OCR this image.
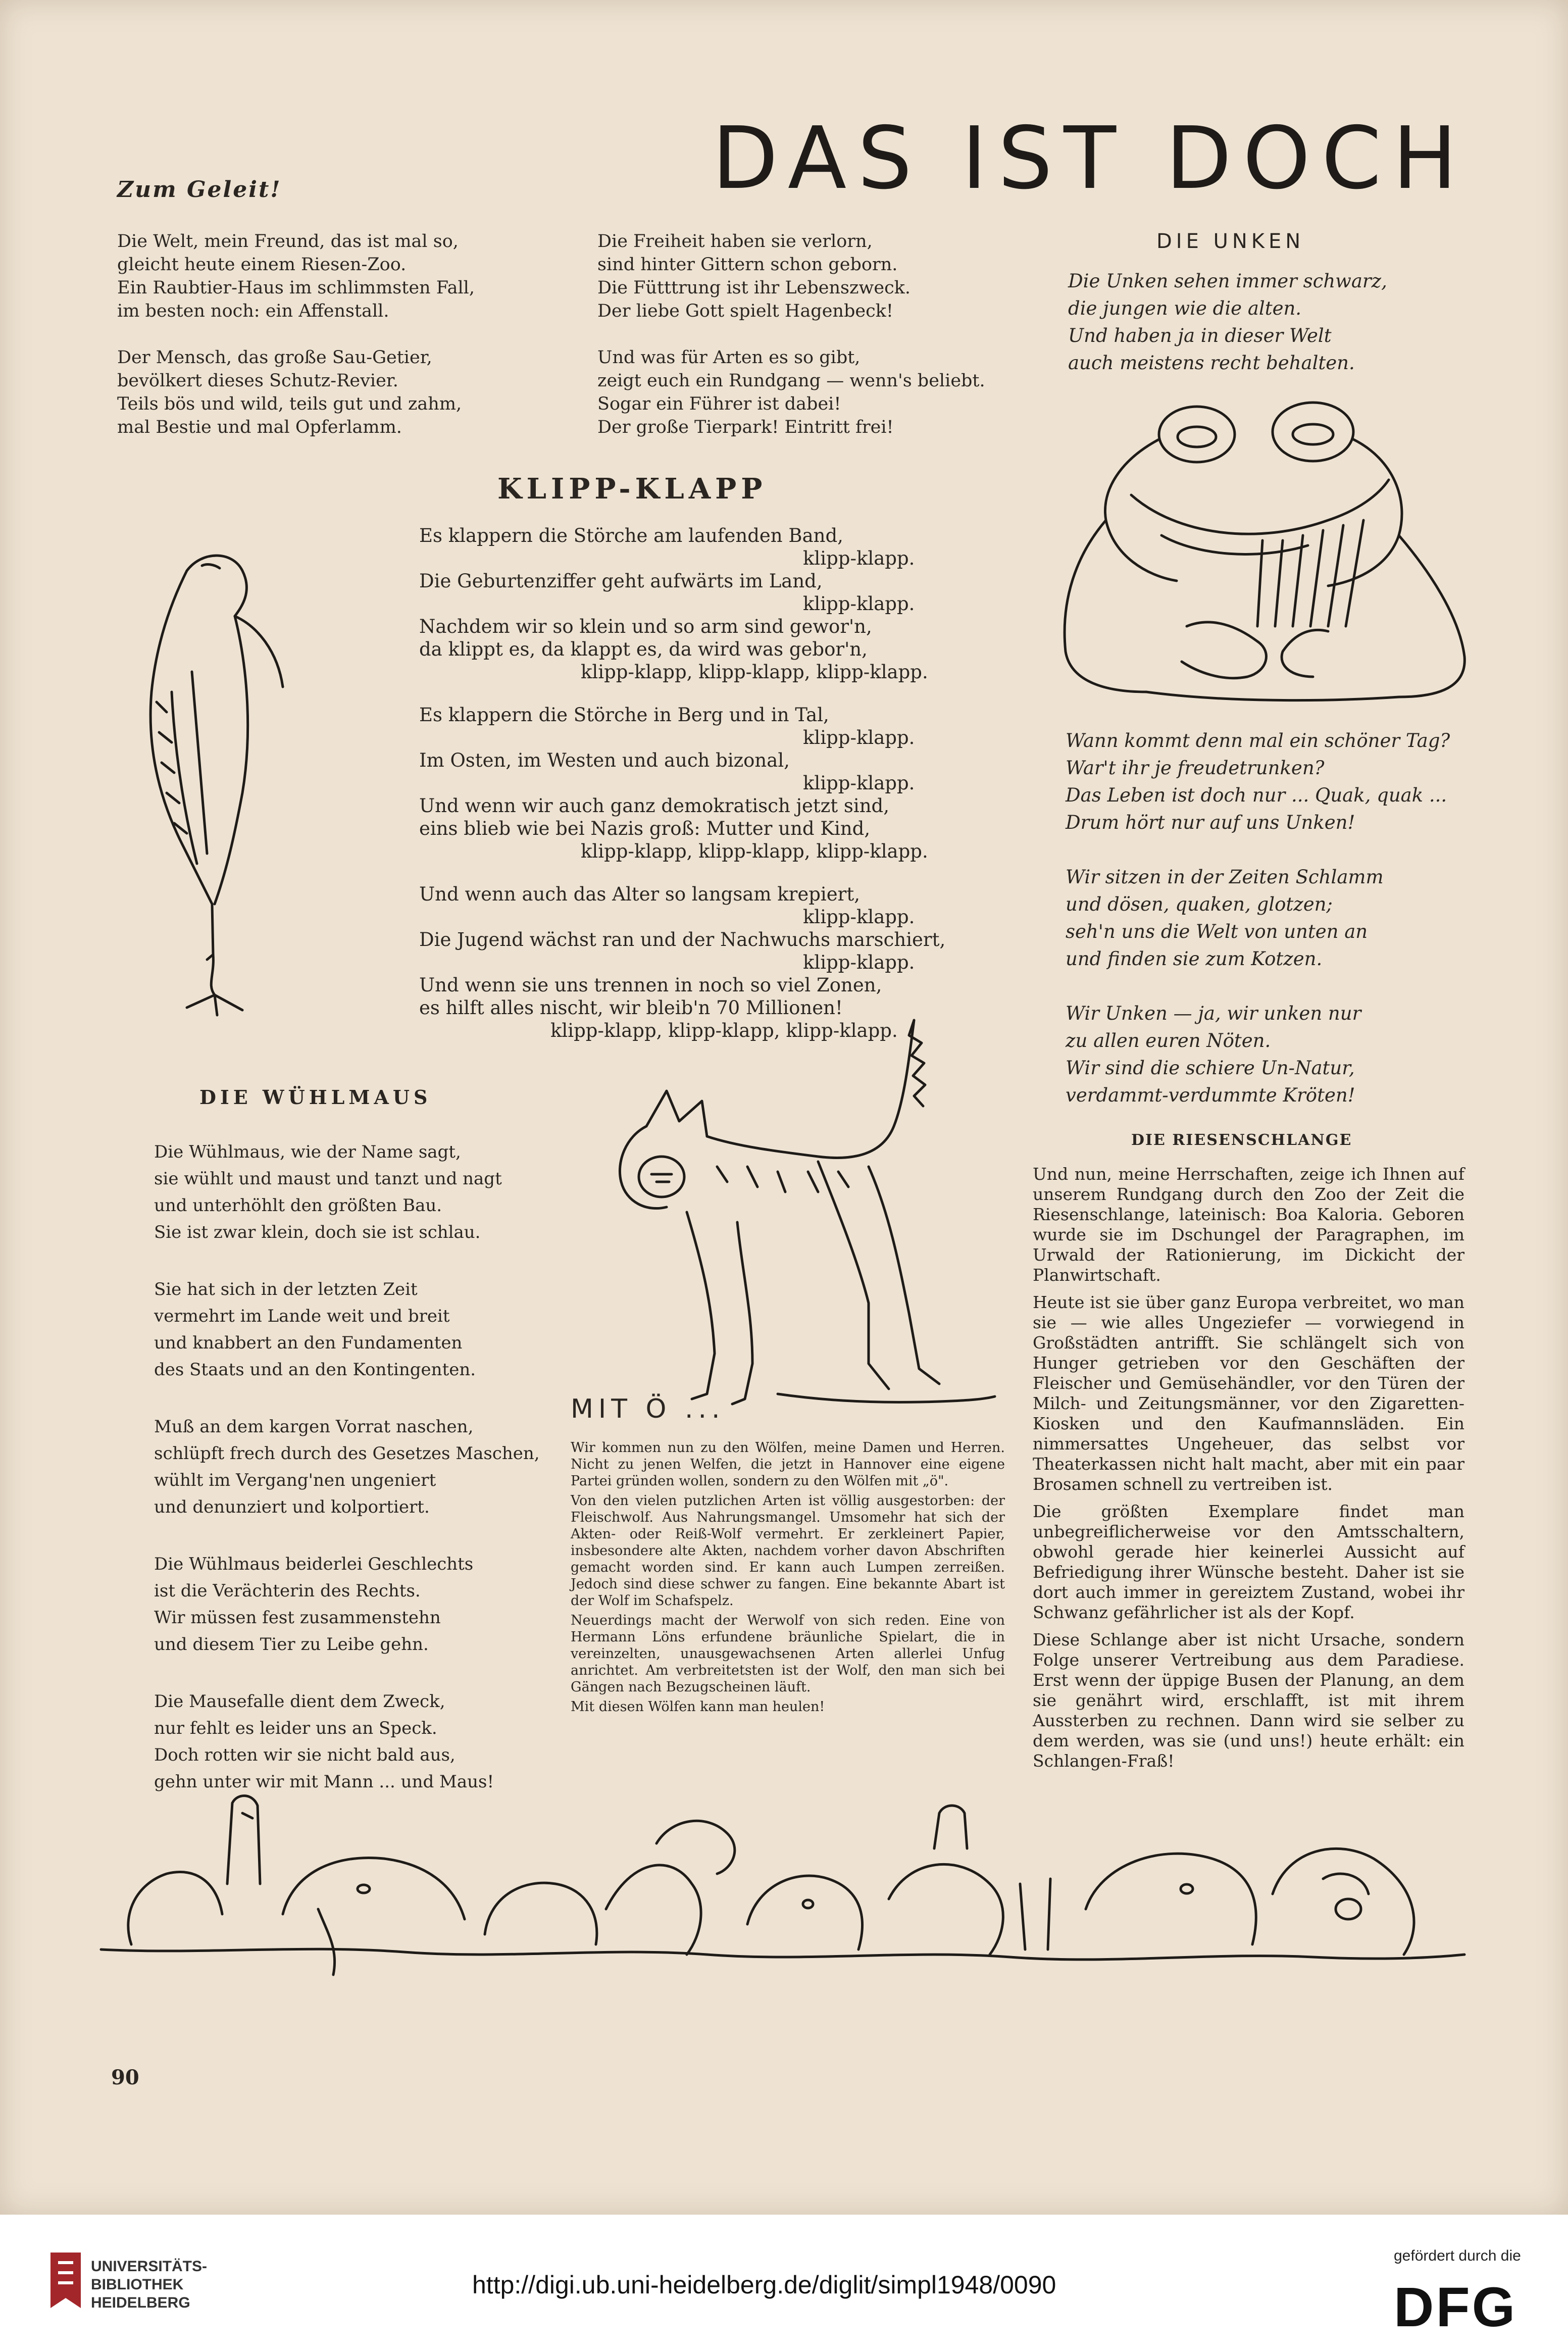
DAS IST DOCH
Zum Geleit!
Die Welt, mein Freund, das ist mal so,
gleicht heute einem Riesen-Zoo.
Ein Raubtier-Haus im schlimmsten Fall,
im besten noch: ein Affenstall.
Der Mensch, das große Sau-Getier,
bevölkert dieses Schutz-Revier.
Teils bös und wild, teils gut und zahm,
mal Bestie und mal Opferlamm.
Die Freiheit haben sie verlorn,
sind hinter Gittern schon geborn.
Die Fütttrung ist ihr Lebenszweck.
Der liebe Gott spielt Hagenbeck!
Und was für Arten es so gibt,
zeigt euch ein Rundgang — wenn's beliebt.
Sogar ein Führer ist dabei!
Der große Tierpark! Eintritt frei!
KLIPP-KLAPP
Es klappern die Störche am laufenden Band,
klipp-klapp.
Die Geburtenziffer geht aufwärts im Land,
klipp-klapp.
Nachdem wir so klein und so arm sind gewor'n,
da klippt es, da klappt es, da wird was gebor'n,
klipp-klapp, klipp-klapp, klipp-klapp.
Es klappern die Störche in Berg und in Tal,
klipp-klapp.
Im Osten, im Westen und auch bizonal,
klipp-klapp.
Und wenn wir auch ganz demokratisch jetzt sind,
eins blieb wie bei Nazis groß: Mutter und Kind,
klipp-klapp, klipp-klapp, klipp-klapp.
Und wenn auch das Alter so langsam krepiert,
klipp-klapp.
Die Jugend wächst ran und der Nachwuchs marschiert,
klipp-klapp.
Und wenn sie uns trennen in noch so viel Zonen,
es hilft alles nischt, wir bleib'n 70 Millionen!
klipp-klapp, klipp-klapp, klipp-klapp.
DIE WÜHLMAUS
Die Wühlmaus, wie der Name sagt,
sie wühlt und maust und tanzt und nagt
und unterhöhlt den größten Bau.
Sie ist zwar klein, doch sie ist schlau.
Sie hat sich in der letzten Zeit
vermehrt im Lande weit und breit
und knabbert an den Fundamenten
des Staats und an den Kontingenten.
Muß an dem kargen Vorrat naschen,
schlüpft frech durch des Gesetzes Maschen,
wühlt im Vergang'nen ungeniert
und denunziert und kolportiert.
Die Wühlmaus beiderlei Geschlechts
ist die Verächterin des Rechts.
Wir müssen fest zusammenstehn
und diesem Tier zu Leibe gehn.
Die Mausefalle dient dem Zweck,
nur fehlt es leider uns an Speck.
Doch rotten wir sie nicht bald aus,
gehn unter wir mit Mann ... und Maus!
MIT Ö ...

Wir kommen nun zu den Wölfen, meine Damen und Herren. Nicht zu jenen Welfen, die jetzt in Hannover eine eigene Partei gründen wollen, sondern zu den Wölfen mit „ö".

Von den vielen putzlichen Arten ist völlig ausgestorben: der Fleischwolf. Aus Nahrungsmangel. Umsomehr hat sich der Akten- oder Reiß-Wolf vermehrt. Er zerkleinert Papier, insbesondere alte Akten, nachdem vorher davon Abschriften gemacht worden sind. Er kann auch Lumpen zerreißen. Jedoch sind diese schwer zu fangen. Eine bekannte Abart ist der Wolf im Schafspelz.

Neuerdings macht der Werwolf von sich reden. Eine von Hermann Löns erfundene bräunliche Spielart, die in vereinzelten, unausgewachsenen Arten allerlei Unfug anrichtet. Am verbreitetsten ist der Wolf, den man sich bei Gängen nach Bezugscheinen läuft.

Mit diesen Wölfen kann man heulen!

DIE UNKEN
Die Unken sehen immer schwarz,
die jungen wie die alten.
Und haben ja in dieser Welt
auch meistens recht behalten.
Wann kommt denn mal ein schöner Tag?
War't ihr je freudetrunken?
Das Leben ist doch nur ... Quak, quak ...
Drum hört nur auf uns Unken!
Wir sitzen in der Zeiten Schlamm
und dösen, quaken, glotzen;
seh'n uns die Welt von unten an
und finden sie zum Kotzen.
Wir Unken — ja, wir unken nur
zu allen euren Nöten.
Wir sind die schiere Un-Natur,
verdammt-verdummte Kröten!
DIE RIESENSCHLANGE

Und nun, meine Herrschaften, zeige ich Ihnen auf unserem Rundgang durch den Zoo der Zeit die Riesenschlange, lateinisch: Boa Kaloria. Geboren wurde sie im Dschungel der Paragraphen, im Urwald der Rationierung, im Dickicht der Planwirtschaft.

Heute ist sie über ganz Europa verbreitet, wo man sie — wie alles Ungeziefer — vorwiegend in Großstädten antrifft. Sie schlängelt sich von Hunger getrieben vor den Geschäften der Fleischer und Gemüsehändler, vor den Türen der Milch- und Zeitungsmänner, vor den Zigaretten-Kiosken und den Kaufmannsläden. Ein nimmersattes Ungeheuer, das selbst vor Theaterkassen nicht halt macht, aber mit ein paar Brosamen schnell zu vertreiben ist.

Die größten Exemplare findet man unbegreiflicherweise vor den Amtsschaltern, obwohl gerade hier keinerlei Aussicht auf Befriedigung ihrer Wünsche besteht. Daher ist sie dort auch immer in gereiztem Zustand, wobei ihr Schwanz gefährlicher ist als der Kopf.

Diese Schlange aber ist nicht Ursache, sondern Folge unserer Vertreibung aus dem Paradiese. Erst wenn der üppige Busen der Planung, an dem sie genährt wird, erschlafft, ist mit ihrem Aussterben zu rechnen. Dann wird sie selber zu dem werden, was sie (und uns!) heute erhält: ein Schlangen-Fraß!

90
UNIVERSITÄTS-
BIBLIOTHEK
HEIDELBERG
http://digi.ub.uni-heidelberg.de/diglit/simpl1948/0090
gefördert durch die
DFG
